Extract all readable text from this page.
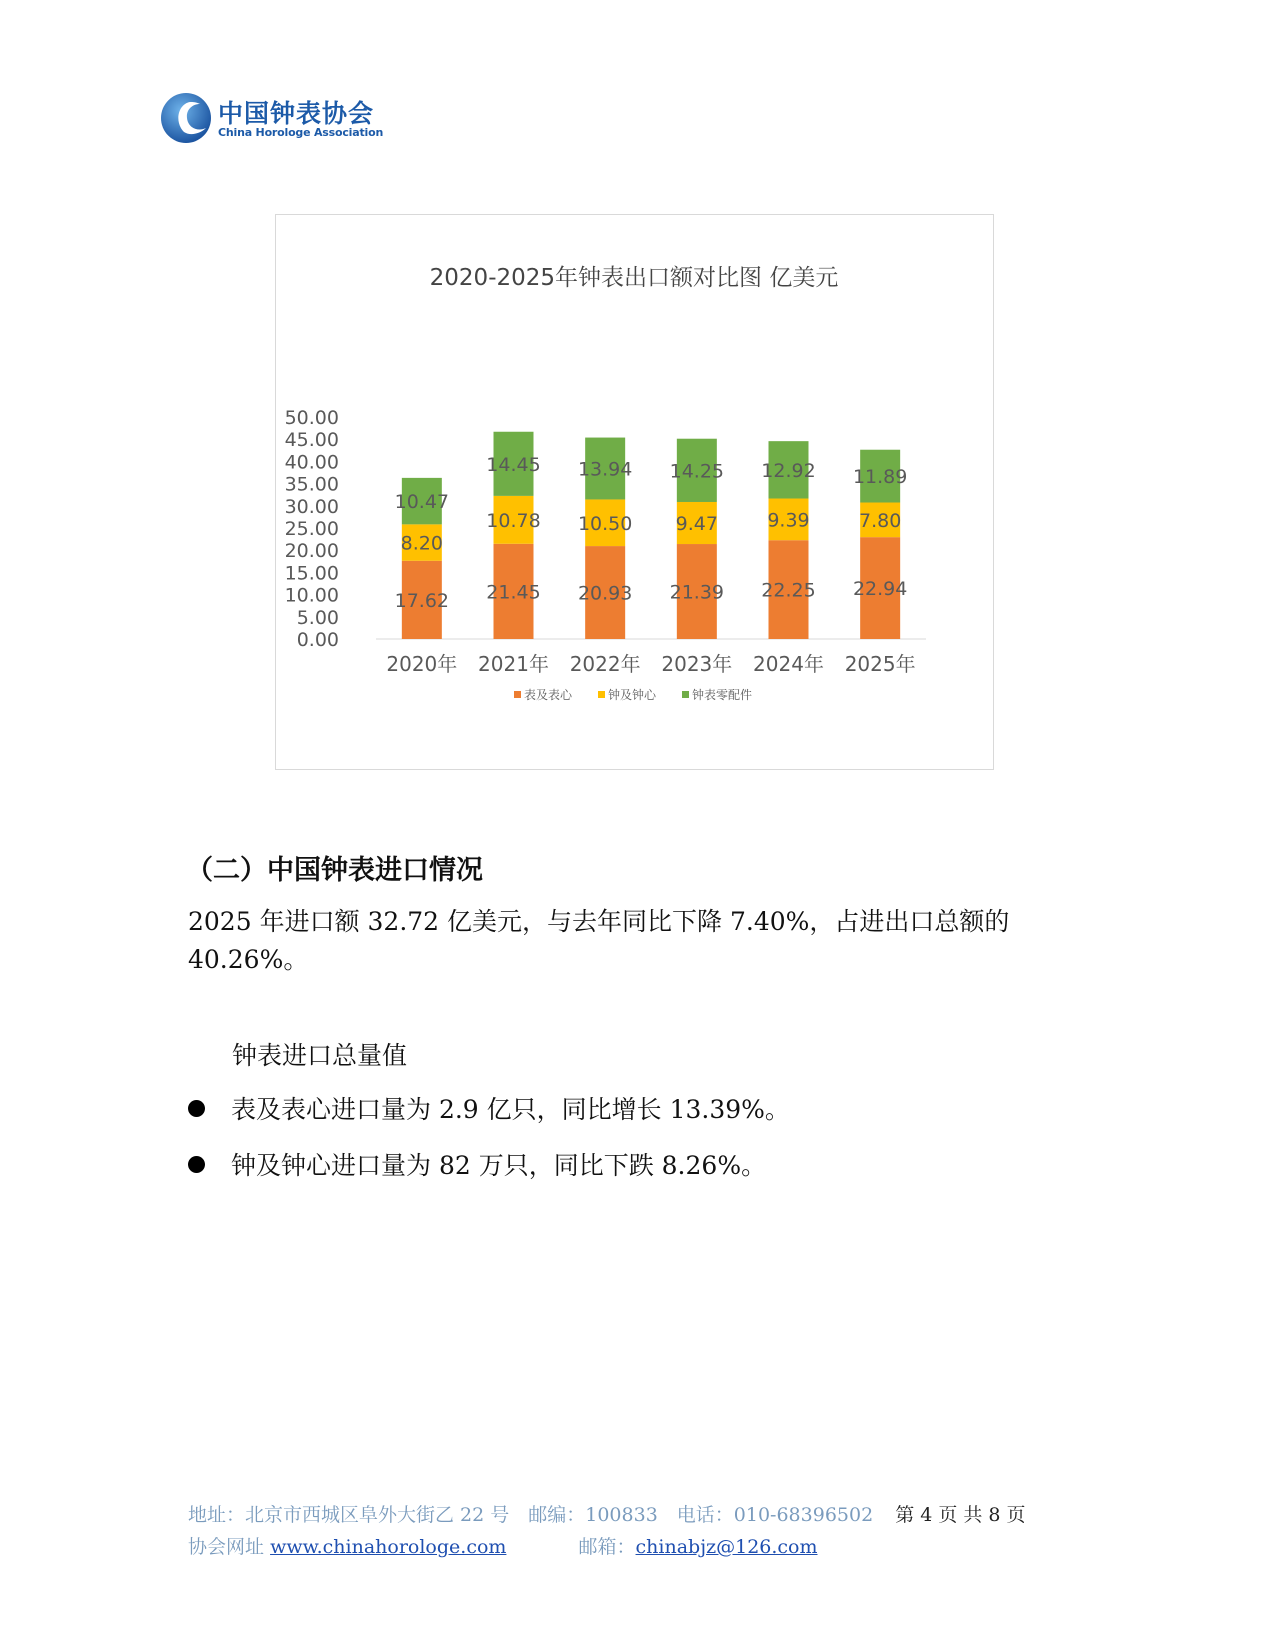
中国钟表协会
China Horologe Association
2020-2025年钟表出口额对比图 亿美元
0.00
5.00
10.00
15.00
20.00
25.00
30.00
35.00
40.00
45.00
50.00
17.62
8.20
10.47
2020年
21.45
10.78
14.45
2021年
20.93
10.50
13.94
2022年
21.39
9.47
14.25
2023年
22.25
9.39
12.92
2024年
22.94
7.80
11.89
2025年
表及表心	钟及钟心	钟表零配件
（二）中国钟表进口情况
2025 年进口额 32.72 亿美元，与去年同比下降 7.40%，占进出口总额的 40.26%。
钟表进口总量值
表及表心进口量为 2.9 亿只，同比增长 13.39%。
钟及钟心进口量为 82 万只，同比下跌 8.26%。
地址：北京市西城区阜外大街乙 22 号　邮编：100833　电话：010-68396502 第 4 页 共 8 页
协会网址 www.chinahorologe.com	邮箱：chinabjz@126.com
